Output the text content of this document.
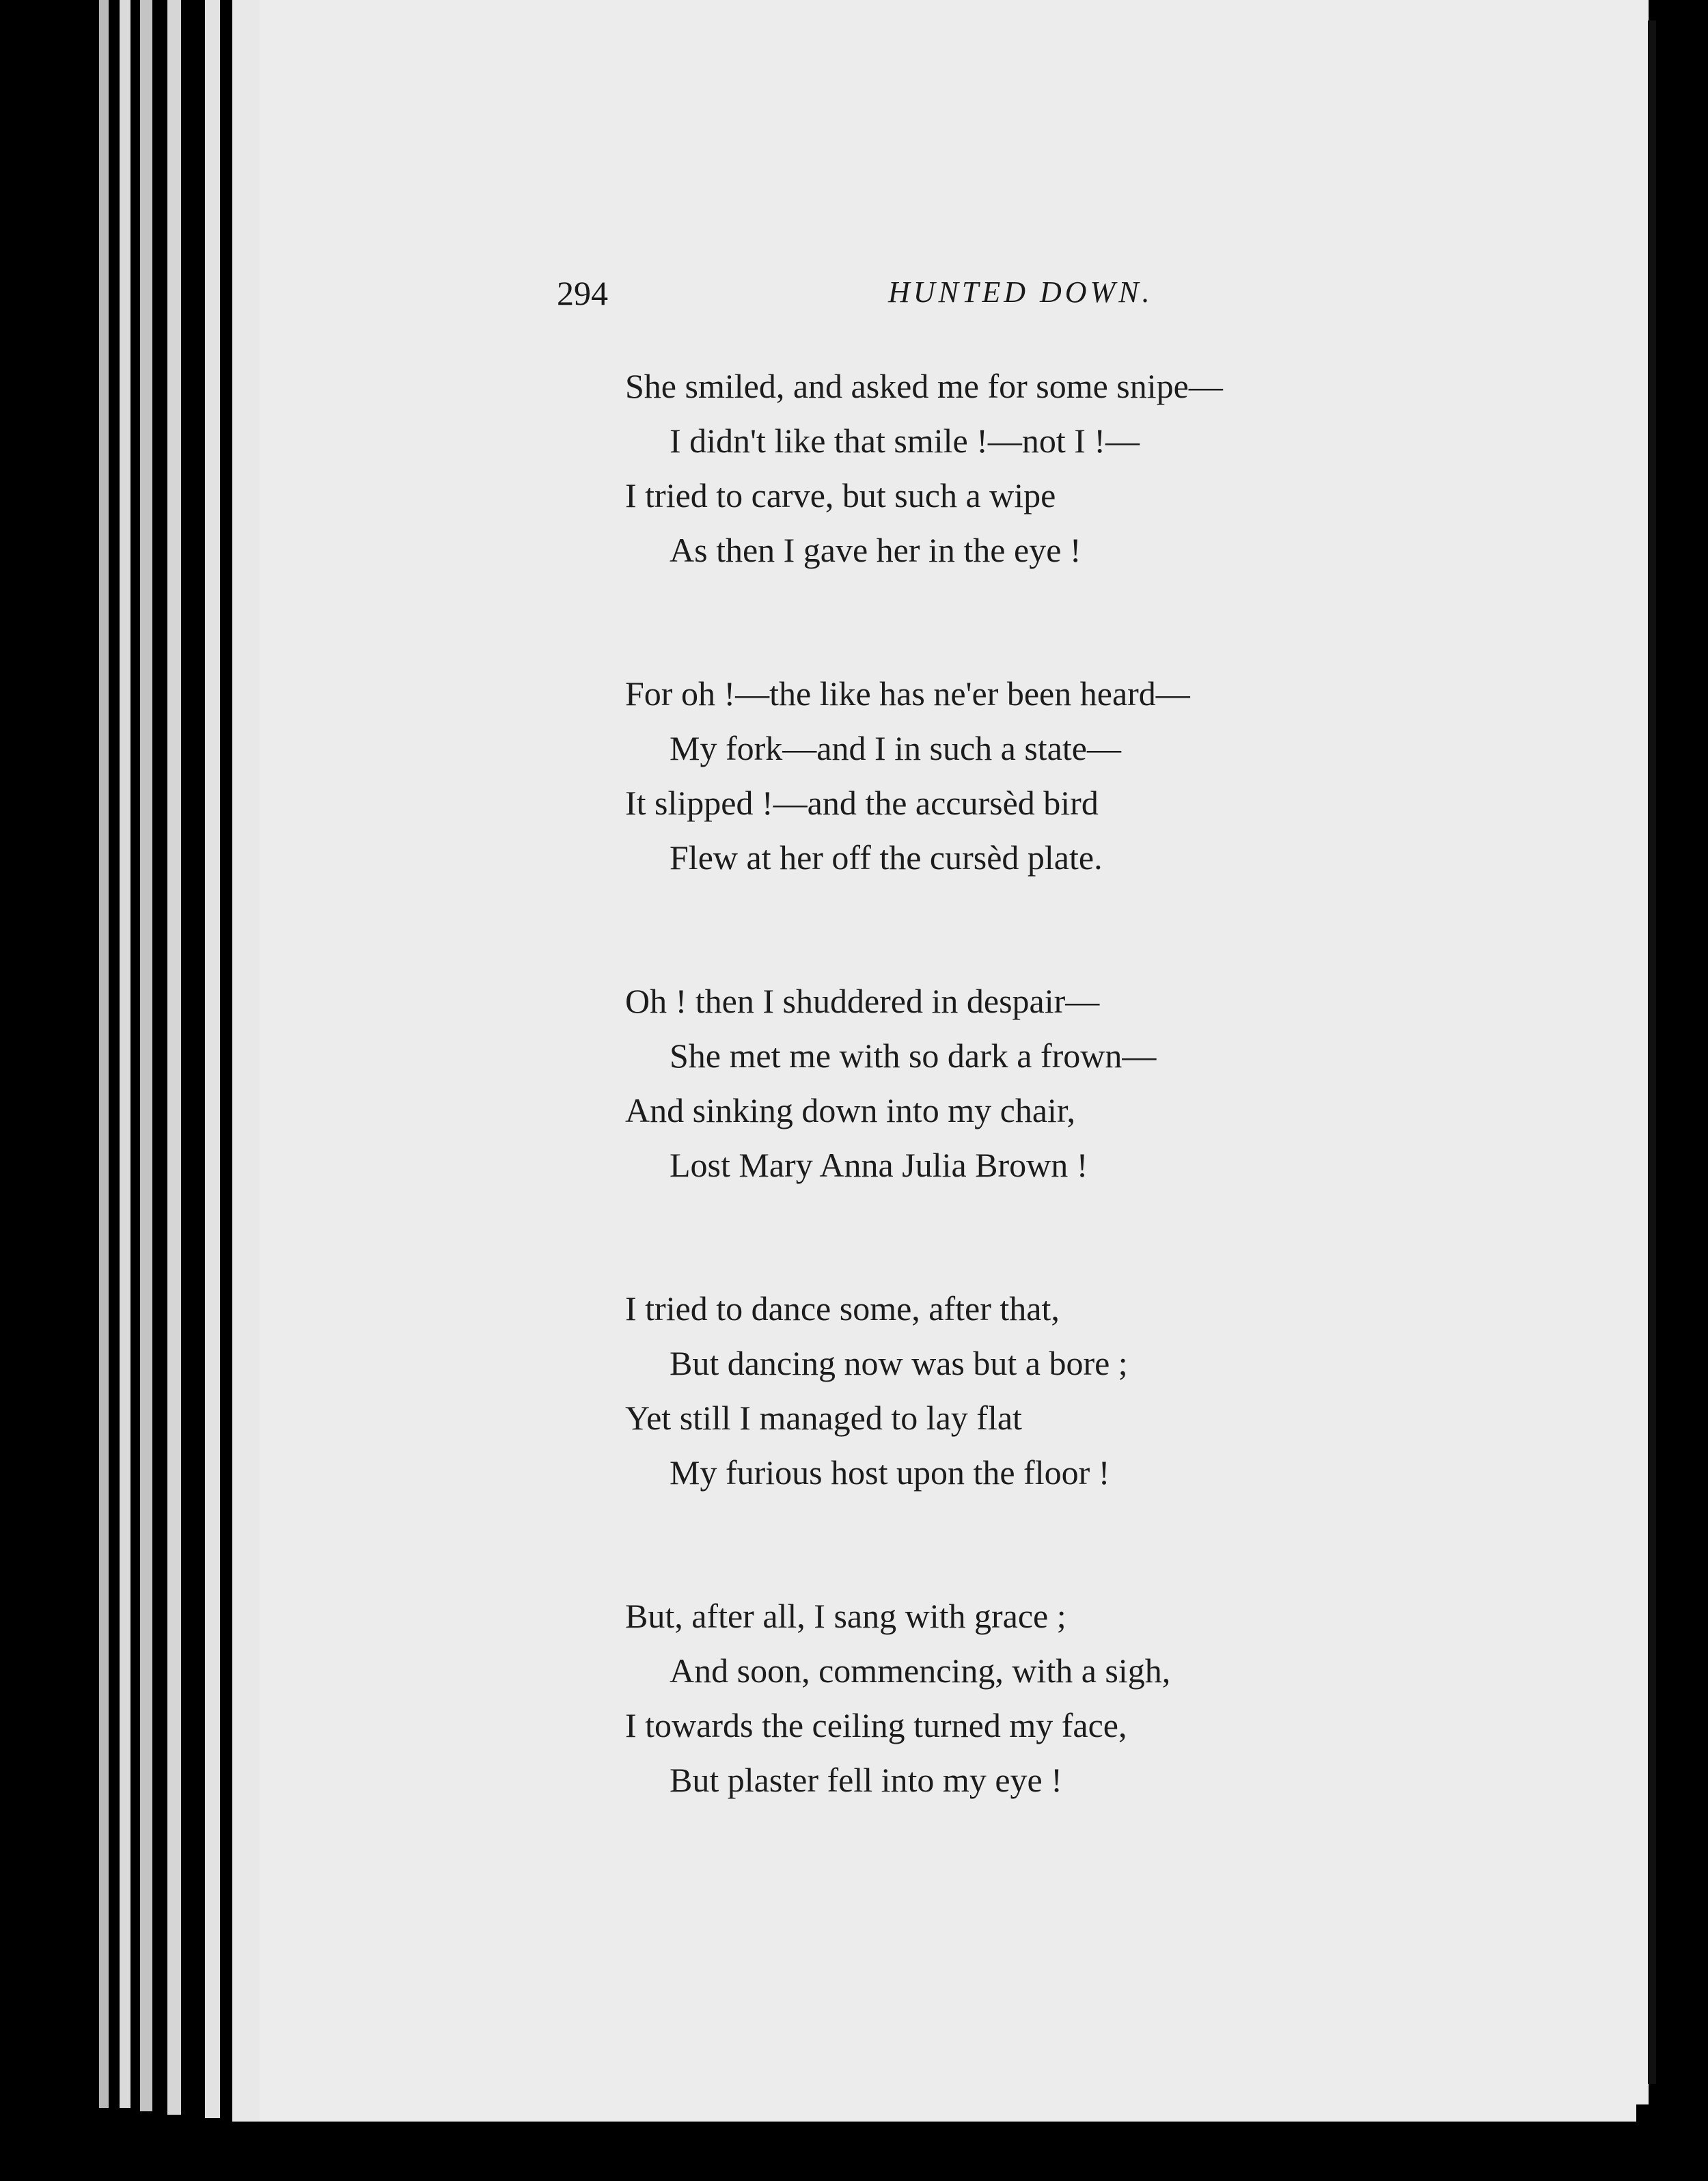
294	HUNTED DOWN.
She smiled, and asked me for some snipe—
I didn't like that smile !—not I !—
I tried to carve, but such a wipe
As then I gave her in the eye !
For oh !—the like has ne'er been heard—
My fork—and I in such a state—
It slipped !—and the accursèd bird
Flew at her off the cursèd plate.
Oh ! then I shuddered in despair—
She met me with so dark a frown—
And sinking down into my chair,
Lost Mary Anna Julia Brown !
I tried to dance some, after that,
But dancing now was but a bore ;
Yet still I managed to lay flat
My furious host upon the floor !
But, after all, I sang with grace ;
And soon, commencing, with a sigh,
I towards the ceiling turned my face,
But plaster fell into my eye !
